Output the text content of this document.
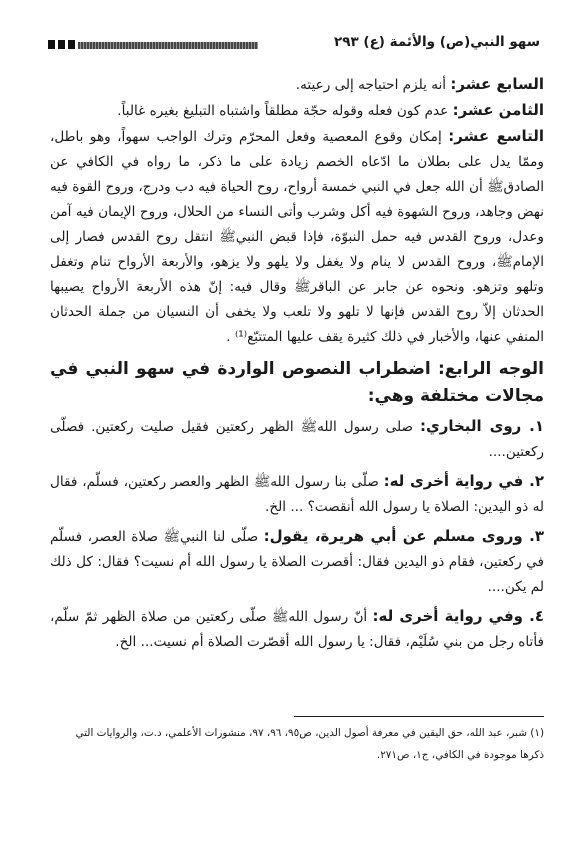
سهو النبي(ص) والأئمة (ع) ٢٩٣

السابع عشر: أنه يلزم احتياجه إلى رعيته.

الثامن عشر: عدم كون فعله وقوله حجّة مطلقاً واشتباه التبليغ بغيره غالباً.

التاسع عشر: إمكان وقوع المعصية وفعل المحرّم وترك الواجب سهواً، وهو باطل، وممّا يدل على بطلان ما ادّعاه الخصم زيادة على ما ذكر، ما رواه في الكافي عن الصادقﷺ أن الله جعل في النبي خمسة أرواح، روح الحياة فيه دب ودرج، وروح القوة فيه نهض وجاهد، وروح الشهوة فيه أكل وشرب وأتى النساء من الحلال، وروح الإيمان فيه آمن وعدل، وروح القدس فيه حمل النبوّة، فإذا قبض النبيﷺ انتقل روح القدس فصار إلى الإمامﷺ، وروح القدس لا ينام ولا يغفل ولا يلهو ولا يزهو، والأربعة الأرواح تنام وتغفل وتلهو وتزهو. ونحوه عن جابر عن الباقرﷺ وقال فيه: إنّ هذه الأربعة الأرواح يصيبها الحدثان إلاّ روح القدس فإنها لا تلهو ولا تلعب ولا يخفى أن النسيان من جملة الحدثان المنفي عنها، والأخبار في ذلك كثيرة يقف عليها المتتبّع⁽¹⁾ .

الوجه الرابع: اضطراب النصوص الواردة في سهو النبي في مجالات مختلفة وهي:

١. روى البخاري: صلى رسول اللهﷺ الظهر ركعتين فقيل صليت ركعتين. فصلّى ركعتين....

٢. في رواية أخرى له: صلّى بنا رسول اللهﷺ الظهر والعصر ركعتين، فسلّم، فقال له ذو اليدين: الصلاة يا رسول الله أنقصت؟ ... الخ.

٣. وروى مسلم عن أبي هريرة، يقول: صلّى لنا النبيﷺ صلاة العصر، فسلّم في ركعتين، فقام ذو اليدين فقال: أقصرت الصلاة يا رسول الله أم نسيت؟ فقال: كل ذلك لم يكن....

٤. وفي رواية أخرى له: أنّ رسول اللهﷺ صلّى ركعتين من صلاة الظهر ثمّ سلّم، فأتاه رجل من بني سُلَيْم، فقال: يا رسول الله أقصّرت الصلاة أم نسيت... الخ.

(١) شبر، عبد الله، حق اليقين في معرفة أصول الدين، ص٩٥، ٩٦، ٩٧، منشورات الأعلمي، د.ت، والروايات التي
ذكرها موجودة في الكافي، ج١، ص٢٧١.
